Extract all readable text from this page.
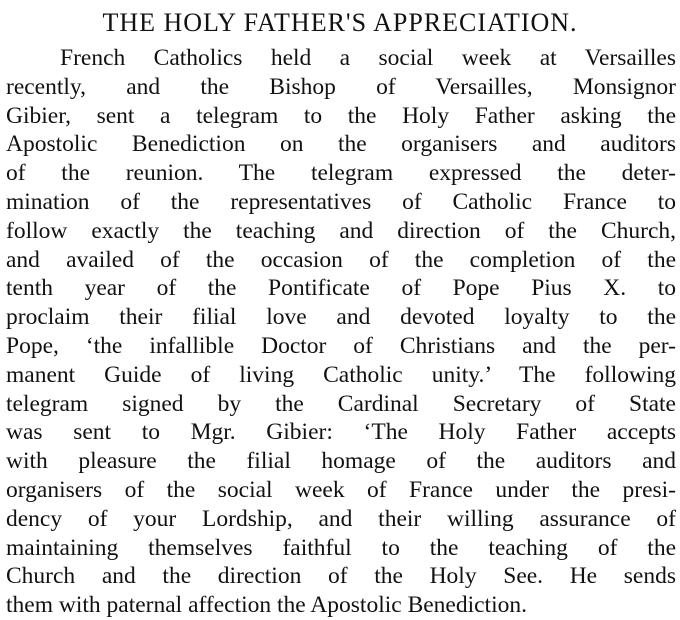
THE HOLY FATHER'S APPRECIATION.
French Catholics held a social week at Versailles
recently, and the Bishop of Versailles, Monsignor
Gibier, sent a telegram to the Holy Father asking the
Apostolic Benediction on the organisers and auditors
of the reunion. The telegram expressed the deter-
mination of the representatives of Catholic France to
follow exactly the teaching and direction of the Church,
and availed of the occasion of the completion of the
tenth year of the Pontificate of Pope Pius X. to
proclaim their filial love and devoted loyalty to the
Pope, ‘the infallible Doctor of Christians and the per-
manent Guide of living Catholic unity.’ The following
telegram signed by the Cardinal Secretary of State
was sent to Mgr. Gibier: ‘The Holy Father accepts
with pleasure the filial homage of the auditors and
organisers of the social week of France under the presi-
dency of your Lordship, and their willing assurance of
maintaining themselves faithful to the teaching of the
Church and the direction of the Holy See. He sends
them with paternal affection the Apostolic Benediction.
